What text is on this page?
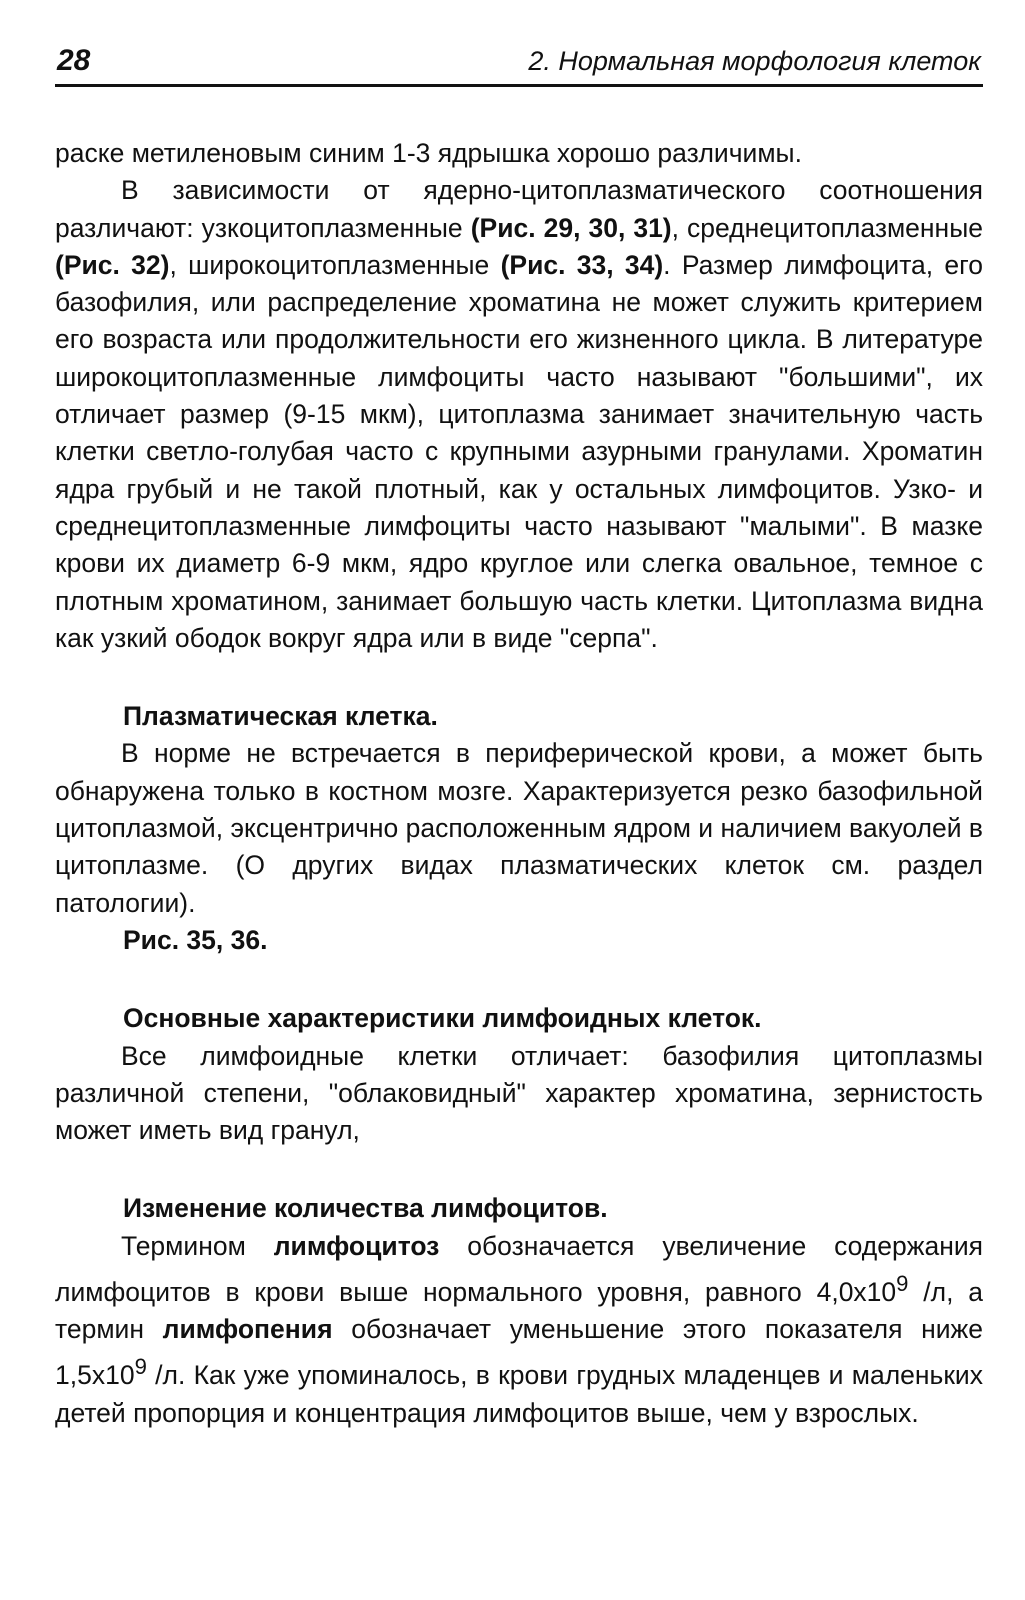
28	2. Нормальная морфология клеток

раске метиленовым синим 1-3 ядрышка хорошо различимы.

В зависимости от ядерно-цитоплазматического соотношения различают: узкоцитоплазменные (Рис. 29, 30, 31), среднецитоплазменные (Рис. 32), широкоцитоплазменные (Рис. 33, 34). Размер лимфоцита, его базофилия, или распределение хроматина не может служить критерием его возраста или продолжительности его жизненного цикла. В литературе широкоцитоплазменные лимфоциты часто называют "большими", их отличает размер (9-15 мкм), цитоплазма занимает значительную часть клетки светло-голубая часто с крупными азурными гранулами. Хроматин ядра грубый и не такой плотный, как у остальных лимфоцитов. Узко- и среднецитоплазменные лимфоциты часто называют "малыми". В мазке крови их диаметр 6-9 мкм, ядро круглое или слегка овальное, темное с плотным хроматином, занимает большую часть клетки. Цитоплазма видна как узкий ободок вокруг ядра или в виде "серпа".

Плазматическая клетка.

В норме не встречается в периферической крови, а может быть обнаружена только в костном мозге. Характеризуется резко базофильной цитоплазмой, эксцентрично расположенным ядром и наличием вакуолей в цитоплазме. (О других видах плазматических клеток см. раздел патологии).

Рис. 35, 36.

Основные характеристики лимфоидных клеток.

Все лимфоидные клетки отличает: базофилия цитоплазмы различной степени, "облаковидный" характер хроматина, зернистость может иметь вид гранул,

Изменение количества лимфоцитов.

Термином лимфоцитоз обозначается увеличение содержания лимфоцитов в крови выше нормального уровня, равного $4,0х10^9$ /л, а термин лимфопения обозначает уменьшение этого показателя ниже $1,5х10^9$ /л. Как уже упоминалось, в крови грудных младенцев и маленьких детей пропорция и концентрация лимфоцитов выше, чем у взрослых.
